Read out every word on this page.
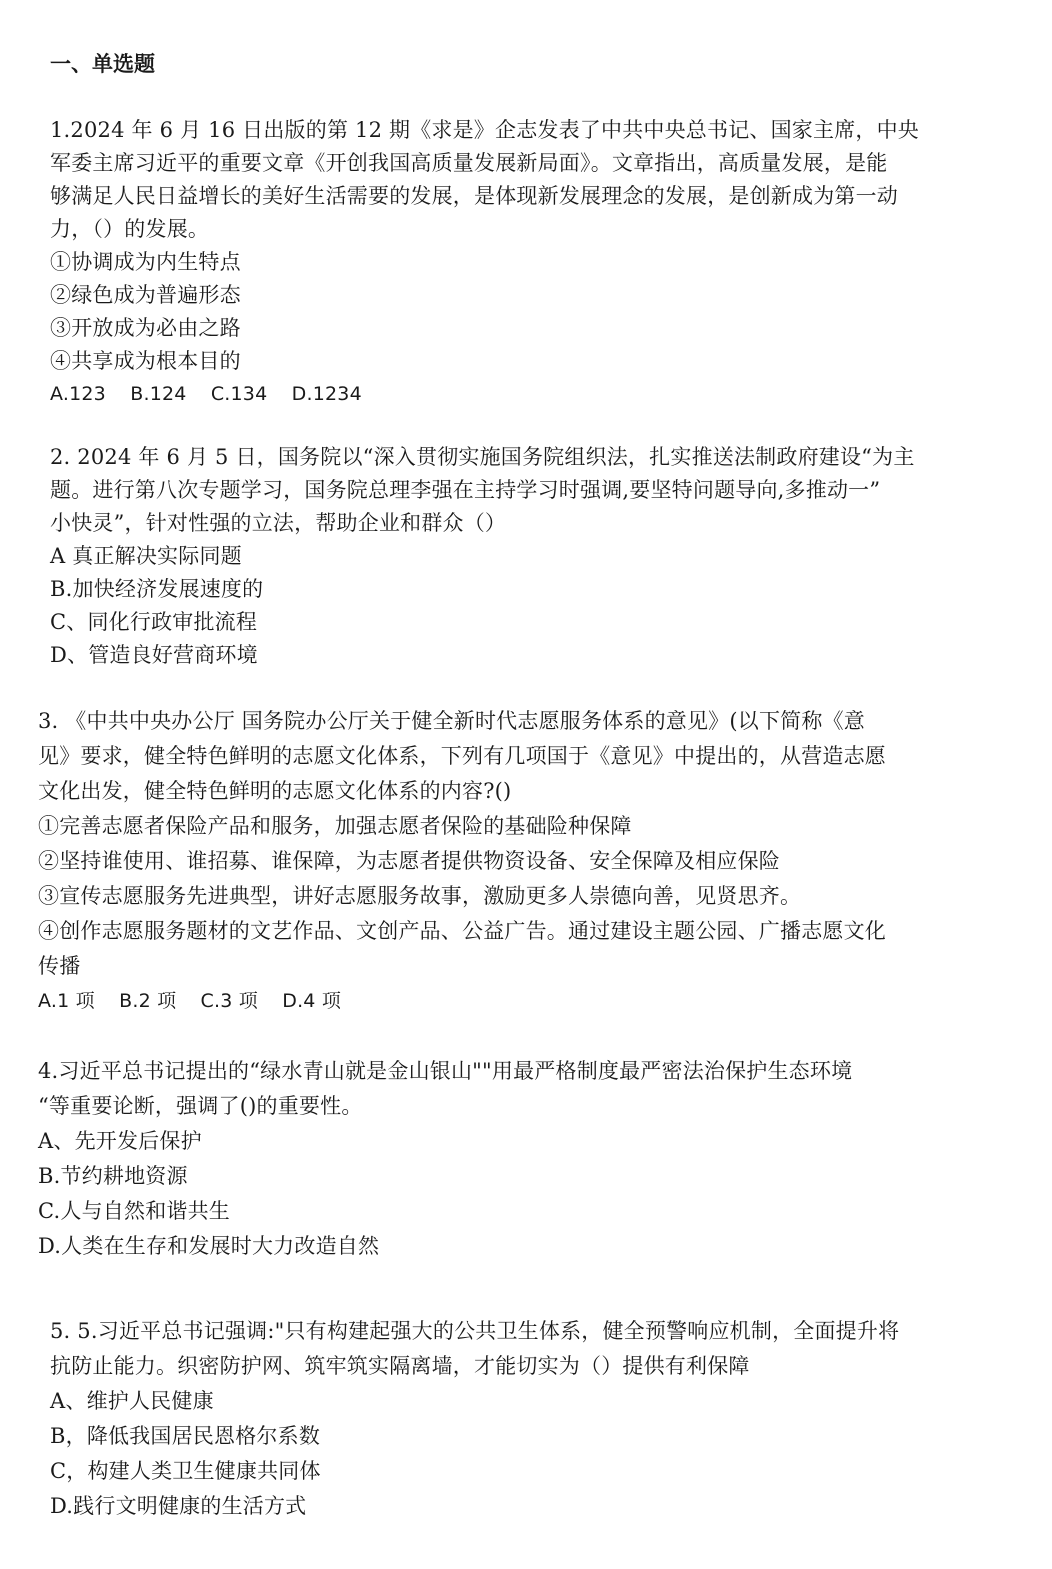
一、单选题
1.2024 年 6 月 16 日出版的第 12 期《求是》企志发表了中共中央总书记、国家主席，中央
军委主席习近平的重要文章《开创我国高质量发展新局面》。文章指出，高质量发展，是能
够满足人民日益增长的美好生活需要的发展，是体现新发展理念的发展，是创新成为第一动
力，（）的发展。
①协调成为内生特点
②绿色成为普遍形态
③开放成为必由之路
④共享成为根本目的
A.123 B.124 C.134 D.1234
2. 2024 年 6 月 5 日，国务院以“深入贯彻实施国务院组织法，扎实推送法制政府建设“为主
题。进行第八次专题学习，国务院总理李强在主持学习时强调,要坚特问题导向,多推动一”
小快灵”，针对性强的立法，帮助企业和群众（）
A 真正解决实际同题
B.加快经济发展速度的
C、同化行政审批流程
D、管造良好营商环境
3. 《中共中央办公厅 国务院办公厅关于健全新时代志愿服务体系的意见》(以下简称《意
见》要求，健全特色鲜明的志愿文化体系，下列有几项国于《意见》中提出的，从营造志愿
文化出发，健全特色鲜明的志愿文化体系的内容?()
①完善志愿者保险产品和服务，加强志愿者保险的基础险种保障
②坚持谁使用、谁招募、谁保障，为志愿者提供物资设备、安全保障及相应保险
③宣传志愿服务先进典型，讲好志愿服务故事，激励更多人崇德向善，见贤思齐。
④创作志愿服务题材的文艺作品、文创产品、公益广告。通过建设主题公园、广播志愿文化
传播
A.1 项 B.2 项 C.3 项 D.4 项
4.习近平总书记提出的“绿水青山就是金山银山""用最严格制度最严密法治保护生态环境
“等重要论断，强调了()的重要性。
A、先开发后保护
B.节约耕地资源
C.人与自然和谐共生
D.人类在生存和发展时大力改造自然
5. 5.习近平总书记强调:"只有构建起强大的公共卫生体系，健全预警响应机制，全面提升将
抗防止能力。织密防护网、筑牢筑实隔离墙，才能切实为（）提供有利保障
A、维护人民健康
B，降低我国居民恩格尔系数
C，构建人类卫生健康共同体
D.践行文明健康的生活方式
